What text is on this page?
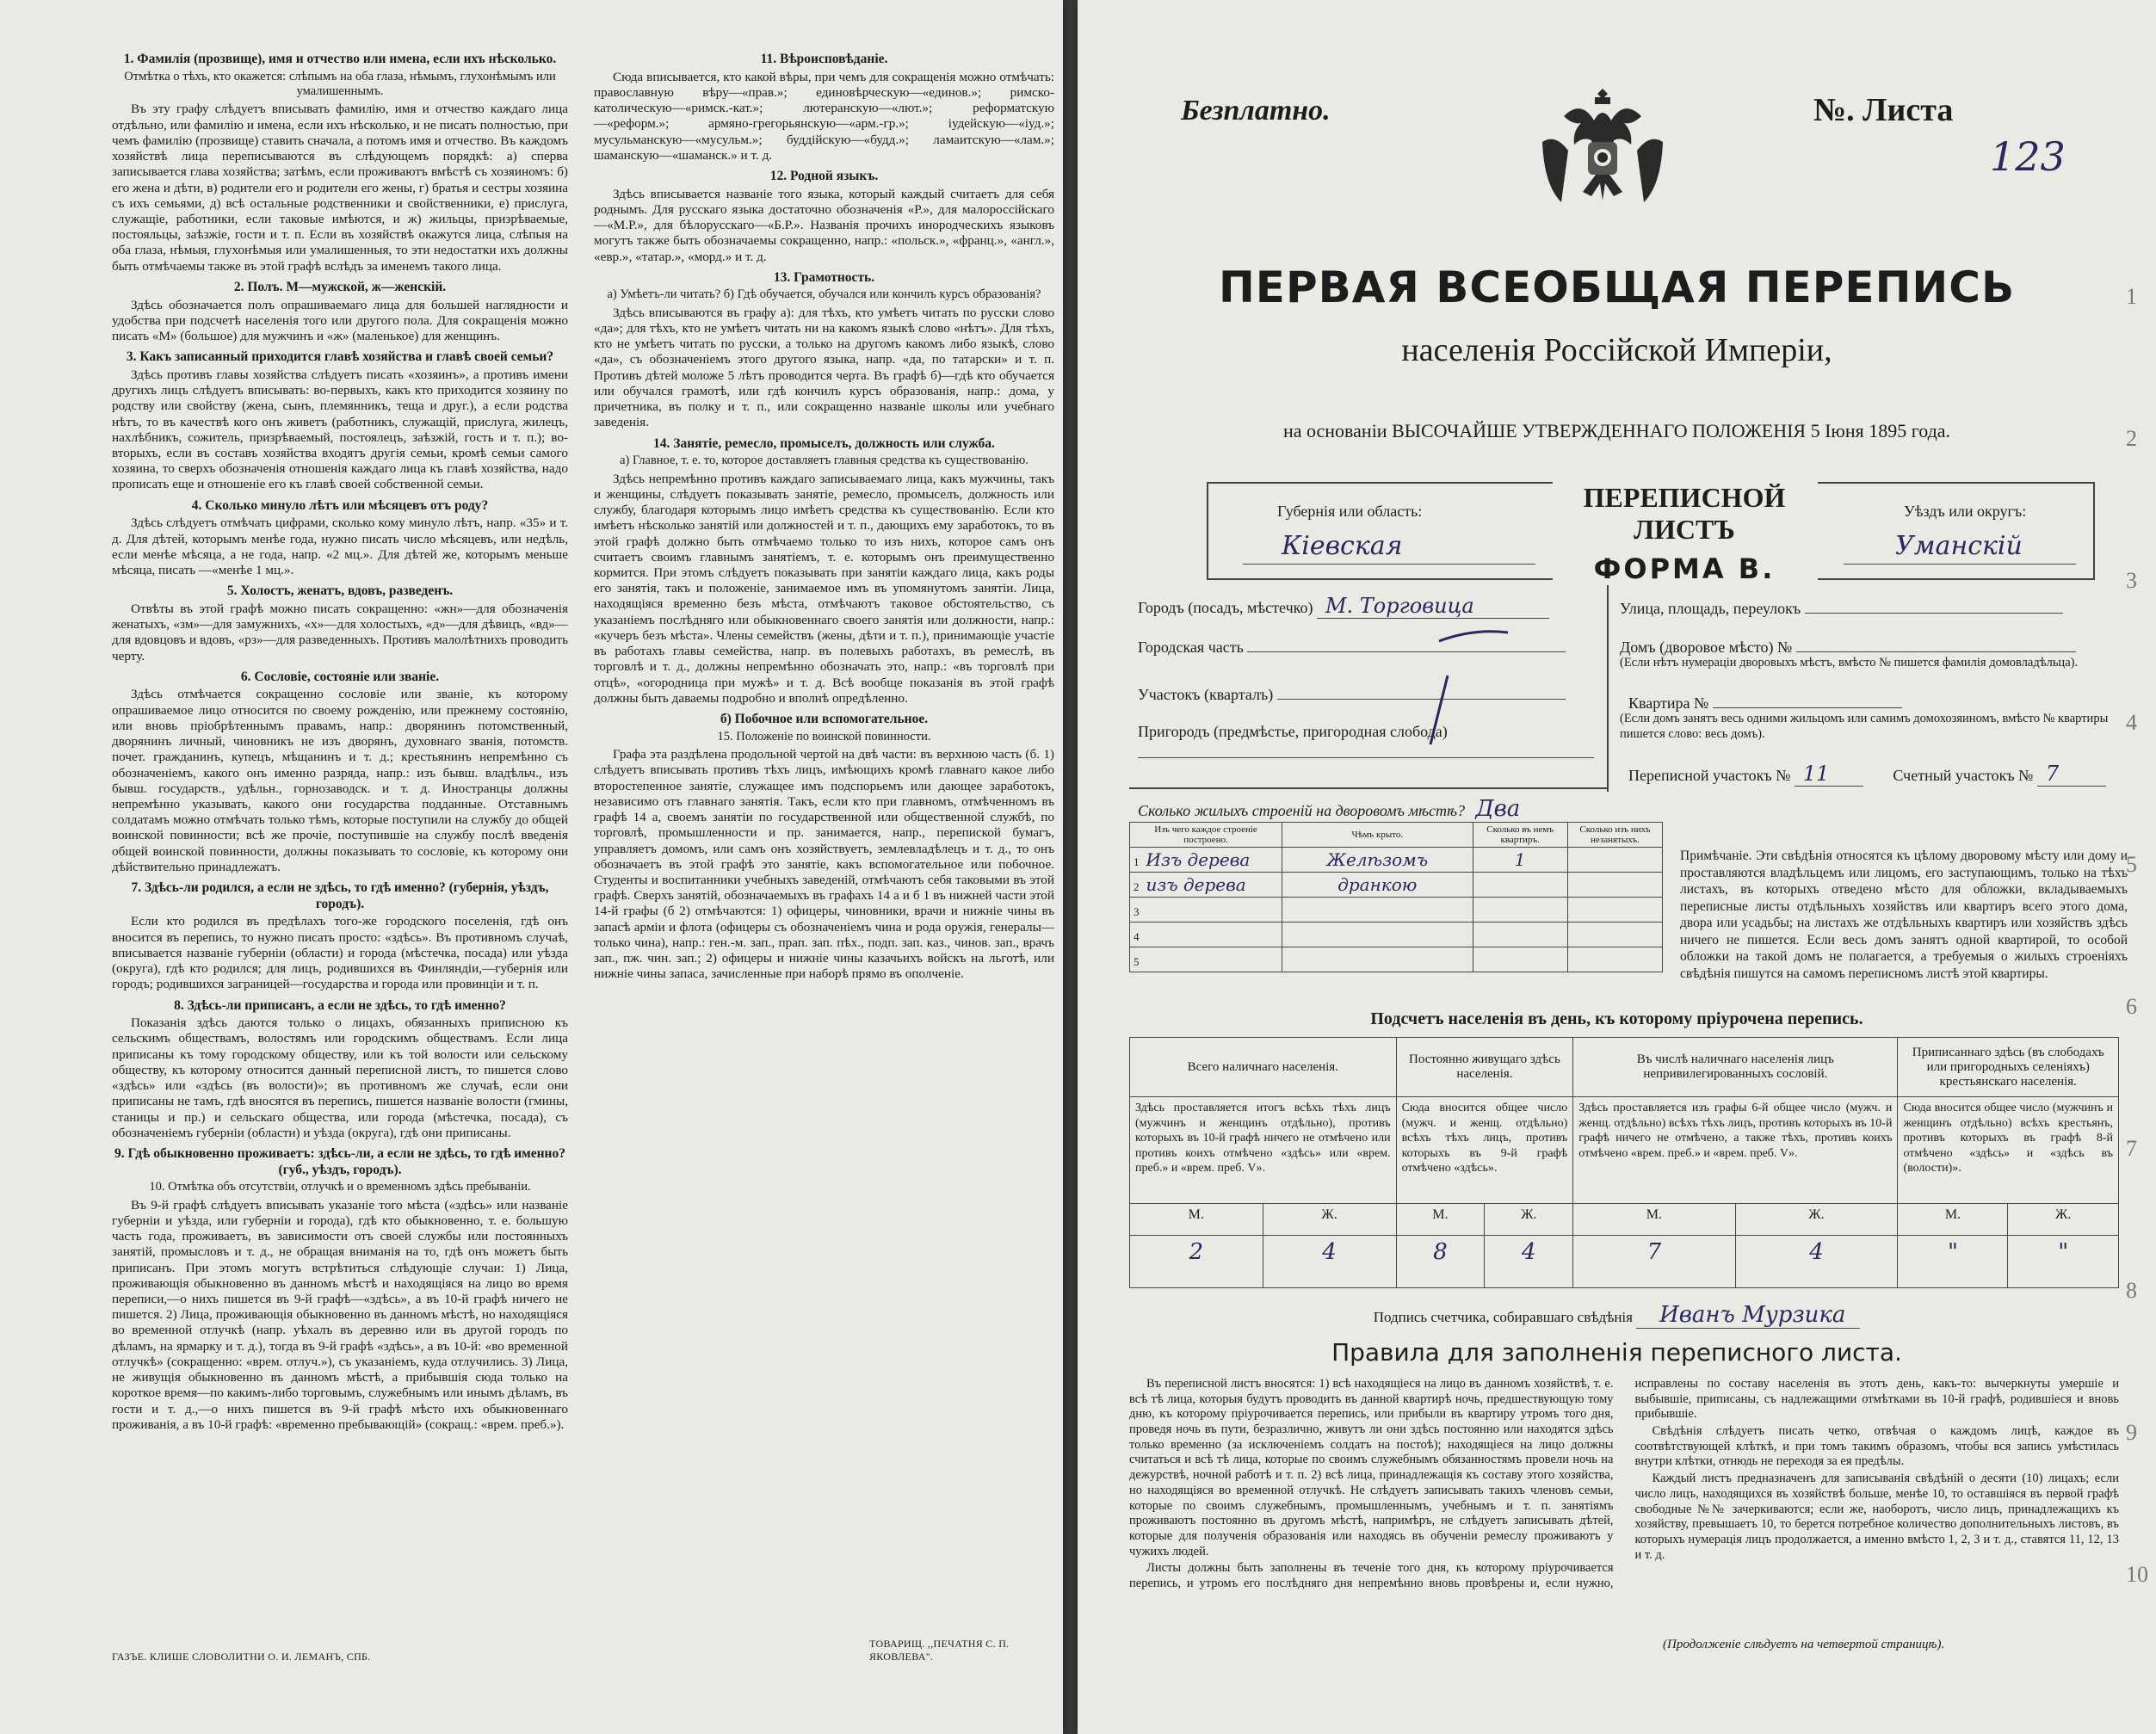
1. Фамилія (прозвище), имя и отчество или имена, если ихъ нѣсколько.
Отмѣтка о тѣхъ, кто окажется: слѣпымъ на оба глаза, нѣмымъ, глухонѣмымъ или умалишеннымъ.
Въ эту графу слѣдуетъ вписывать фамилію, имя и отчество каждаго лица отдѣльно, или фамилію и имена, если ихъ нѣсколько, и не писать полностью, при чемъ фамилію (прозвище) ставить сначала, а потомъ имя и отчество. Въ каждомъ хозяйствѣ лица переписываются въ слѣдующемъ порядкѣ: а) сперва записывается глава хозяйства; затѣмъ, если проживаютъ вмѣстѣ съ хозяиномъ: б) его жена и дѣти, в) родители его и родители его жены, г) братья и сестры хозяина съ ихъ семьями, д) всѣ остальные родственники и свойственники, е) прислуга, служащіе, работники, если таковые имѣются, и ж) жильцы, призрѣваемые, постояльцы, заѣзжіе, гости и т. п. Если въ хозяйствѣ окажутся лица, слѣпыя на оба глаза, нѣмыя, глухонѣмыя или умалишенныя, то эти недостатки ихъ должны быть отмѣчаемы также въ этой графѣ вслѣдъ за именемъ такого лица.
2. Полъ. М—мужской, ж—женскій.
Здѣсь обозначается полъ опрашиваемаго лица для большей наглядности и удобства при подсчетѣ населенія того или другого пола. Для сокращенія можно писать «М» (большое) для мужчинъ и «ж» (маленькое) для женщинъ.
3. Какъ записанный приходится главѣ хозяйства и главѣ своей семьи?
Здѣсь противъ главы хозяйства слѣдуетъ писать «хозяинъ», а противъ имени другихъ лицъ слѣдуетъ вписывать: во-первыхъ, какъ кто приходится хозяину по родству или свойству (жена, сынъ, племянникъ, теща и друг.), а если родства нѣтъ, то въ качествѣ кого онъ живетъ (работникъ, служащій, прислуга, жилецъ, нахлѣбникъ, сожитель, призрѣваемый, постоялецъ, заѣзжій, гость и т. п.); во-вторыхъ, если въ составъ хозяйства входятъ другія семьи, кромѣ семьи самого хозяина, то сверхъ обозначенія отношенія каждаго лица къ главѣ хозяйства, надо прописать еще и отношеніе его къ главѣ своей собственной семьи.
4. Сколько минуло лѣтъ или мѣсяцевъ отъ роду?
Здѣсь слѣдуетъ отмѣчать цифрами, сколько кому минуло лѣтъ, напр. «35» и т. д. Для дѣтей, которымъ менѣе года, нужно писать число мѣсяцевъ, или недѣль, если менѣе мѣсяца, а не года, напр. «2 мц.». Для дѣтей же, которымъ меньше мѣсяца, писать —«менѣе 1 мц.».
5. Холостъ, женатъ, вдовъ, разведенъ.
Отвѣты въ этой графѣ можно писать сокращенно: «жн»—для обозначенія женатыхъ, «зм»—для замужнихъ, «х»—для холостыхъ, «д»—для дѣвицъ, «вд»—для вдовцовъ и вдовъ, «рз»—для разведенныхъ. Противъ малолѣтнихъ проводить черту.
6. Сословіе, состояніе или званіе.
Здѣсь отмѣчается сокращенно сословіе или званіе, къ которому опрашиваемое лицо относится по своему рожденію, или прежнему состоянію, или вновь пріобрѣтеннымъ правамъ, напр.: дворянинъ потомственный, дворянинъ личный, чиновникъ не изъ дворянъ, духовнаго званія, потомств. почет. гражданинъ, купецъ, мѣщанинъ и т. д.; крестьянинъ непремѣнно съ обозначеніемъ, какого онъ именно разряда, напр.: изъ бывш. владѣльч., изъ бывш. государств., удѣльн., горнозаводск. и т. д. Иностранцы должны непремѣнно указывать, какого они государства подданные. Отставнымъ солдатамъ можно отмѣчать только тѣмъ, которые поступили на службу до общей воинской повинности; всѣ же прочіе, поступившіе на службу послѣ введенія общей воинской повинности, должны показывать то сословіе, къ которому они дѣйствительно принадлежатъ.
7. Здѣсь-ли родился, а если не здѣсь, то гдѣ именно? (губернія, уѣздъ, городъ).
Если кто родился въ предѣлахъ того-же городского поселенія, гдѣ онъ вносится въ перепись, то нужно писать просто: «здѣсь». Въ противномъ случаѣ, вписывается названіе губерніи (области) и города (мѣстечка, посада) или уѣзда (округа), гдѣ кто родился; для лицъ, родившихся въ Финляндіи,—губернія или городъ; родившихся заграницей—государства и города или провинціи и т. п.
8. Здѣсь-ли приписанъ, а если не здѣсь, то гдѣ именно?
Показанія здѣсь даются только о лицахъ, обязанныхъ приписною къ сельскимъ обществамъ, волостямъ или городскимъ обществамъ. Если лица приписаны къ тому городскому обществу, или къ той волости или сельскому обществу, къ которому относится данный переписной листъ, то пишется слово «здѣсь» или «здѣсь (въ волости)»; въ противномъ же случаѣ, если они приписаны не тамъ, гдѣ вносятся въ перепись, пишется названіе волости (гмины, станицы и пр.) и сельскаго общества, или города (мѣстечка, посада), съ обозначеніемъ губерніи (области) и уѣзда (округа), гдѣ они приписаны.
9. Гдѣ обыкновенно проживаетъ: здѣсь-ли, а если не здѣсь, то гдѣ именно? (губ., уѣздъ, городъ).
10. Отмѣтка объ отсутствіи, отлучкѣ и о временномъ здѣсь пребываніи.
Въ 9-й графѣ слѣдуетъ вписывать указаніе того мѣста («здѣсь» или названіе губерніи и уѣзда, или губерніи и города), гдѣ кто обыкновенно, т. е. большую часть года, проживаетъ, въ зависимости отъ своей службы или постоянныхъ занятій, промысловъ и т. д., не обращая вниманія на то, гдѣ онъ можетъ быть приписанъ. При этомъ могутъ встрѣтиться слѣдующіе случаи: 1) Лица, проживающія обыкновенно въ данномъ мѣстѣ и находящіяся на лицо во время переписи,—о нихъ пишется въ 9-й графѣ—«здѣсь», а въ 10-й графѣ ничего не пишется. 2) Лица, проживающія обыкновенно въ данномъ мѣстѣ, но находящіяся во временной отлучкѣ (напр. уѣхалъ въ деревню или въ другой городъ по дѣламъ, на ярмарку и т. д.), тогда въ 9-й графѣ «здѣсь», а въ 10-й: «во временной отлучкѣ» (сокращенно: «врем. отлуч.»), съ указаніемъ, куда отлучились. 3) Лица, не живущія обыкновенно въ данномъ мѣстѣ, а прибывшія сюда только на короткое время—по какимъ-либо торговымъ, служебнымъ или инымъ дѣламъ, въ гости и т. д.,—о нихъ пишется въ 9-й графѣ мѣсто ихъ обыкновеннаго проживанія, а въ 10-й графѣ: «временно пребывающій» (сокращ.: «врем. преб.»).
11. Вѣроисповѣданіе.
Сюда вписывается, кто какой вѣры, при чемъ для сокращенія можно отмѣчать: православную вѣру—«прав.»; единовѣрческую—«единов.»; римско-католическую—«римск.-кат.»; лютеранскую—«лют.»; реформатскую—«реформ.»; армяно-грегорьянскую—«арм.-гр.»; іудейскую—«іуд.»; мусульманскую—«мусульм.»; буддійскую—«будд.»; ламаитскую—«лам.»; шаманскую—«шаманск.» и т. д.
12. Родной языкъ.
Здѣсь вписывается названіе того языка, который каждый считаетъ для себя роднымъ. Для русскаго языка достаточно обозначенія «Р.», для малороссійскаго—«М.Р.», для бѣлорусскаго—«Б.Р.». Названія прочихъ инородческихъ языковъ могутъ также быть обозначаемы сокращенно, напр.: «польск.», «франц.», «англ.», «евр.», «татар.», «морд.» и т. д.
13. Грамотность.
а) Умѣетъ-ли читать? б) Гдѣ обучается, обучался или кончилъ курсъ образованія?
Здѣсь вписываются въ графу а): для тѣхъ, кто умѣетъ читать по русски слово «да»; для тѣхъ, кто не умѣетъ читать ни на какомъ языкѣ слово «нѣтъ». Для тѣхъ, кто не умѣетъ читать по русски, а только на другомъ какомъ либо языкѣ, слово «да», съ обозначеніемъ этого другого языка, напр. «да, по татарски» и т. п. Противъ дѣтей моложе 5 лѣтъ проводится черта. Въ графѣ б)—гдѣ кто обучается или обучался грамотѣ, или гдѣ кончилъ курсъ образованія, напр.: дома, у причетника, въ полку и т. п., или сокращенно названіе школы или учебнаго заведенія.
14. Занятіе, ремесло, промыселъ, должность или служба.
а) Главное, т. е. то, которое доставляетъ главныя средства къ существованію.
Здѣсь непремѣнно противъ каждаго записываемаго лица, какъ мужчины, такъ и женщины, слѣдуетъ показывать занятіе, ремесло, промыселъ, должность или службу, благодаря которымъ лицо имѣетъ средства къ существованію. Если кто имѣетъ нѣсколько занятій или должностей и т. п., дающихъ ему заработокъ, то въ этой графѣ должно быть отмѣчаемо только то изъ нихъ, которое самъ онъ считаетъ своимъ главнымъ занятіемъ, т. е. которымъ онъ преимущественно кормится. При этомъ слѣдуетъ показывать при занятіи каждаго лица, какъ роды его занятія, такъ и положеніе, занимаемое имъ въ упомянутомъ занятіи. Лица, находящіяся временно безъ мѣста, отмѣчаютъ таковое обстоятельство, съ указаніемъ послѣдняго или обыкновеннаго своего занятія или должности, напр.: «кучеръ безъ мѣста». Члены семействъ (жены, дѣти и т. п.), принимающіе участіе въ работахъ главы семейства, напр. въ полевыхъ работахъ, въ ремеслѣ, въ торговлѣ и т. д., должны непремѣнно обозначать это, напр.: «въ торговлѣ при отцѣ», «огородница при мужѣ» и т. д. Всѣ вообще показанія въ этой графѣ должны быть даваемы подробно и вполнѣ опредѣленно.
б) Побочное или вспомогательное.
15. Положеніе по воинской повинности.
Графа эта раздѣлена продольной чертой на двѣ части: въ верхнюю часть (б. 1) слѣдуетъ вписывать противъ тѣхъ лицъ, имѣющихъ кромѣ главнаго какое либо второстепенное занятіе, служащее имъ подспорьемъ или дающее заработокъ, независимо отъ главнаго занятія. Такъ, если кто при главномъ, отмѣченномъ въ графѣ 14 а, своемъ занятіи по государственной или общественной службѣ, по торговлѣ, промышленности и пр. занимается, напр., перепиской бумагъ, управляетъ домомъ, или самъ онъ хозяйствуетъ, землевладѣлецъ и т. д., то онъ обозначаетъ въ этой графѣ это занятіе, какъ вспомогательное или побочное. Студенты и воспитанники учебныхъ заведеній, отмѣчаютъ себя таковыми въ этой графѣ. Сверхъ занятій, обозначаемыхъ въ графахъ 14 а и б 1 въ нижней части этой 14-й графы (б 2) отмѣчаются: 1) офицеры, чиновники, врачи и нижніе чины въ запасѣ арміи и флота (офицеры съ обозначеніемъ чина и рода оружія, генералы—только чина), напр.: ген.-м. зап., прап. зап. пѣх., подп. зап. каз., чинов. зап., врачъ зап., пж. чин. зап.; 2) офицеры и нижніе чины казачьихъ войскъ на льготѣ, или нижніе чины запаса, зачисленные при наборѣ прямо въ ополченіе.
ГАЗЪЕ. КЛИШЕ СЛОВОЛИТНИ О. И. ЛЕМАНЪ, СПБ.
ТОВАРИЩ. ,,ПЕЧАТНЯ С. П. ЯКОВЛЕВА".
Безплатно.	№. Листа
123
ПЕРВАЯ ВСЕОБЩАЯ ПЕРЕПИСЬ
населенія Россійской Имперіи,
на основаніи ВЫСОЧАЙШЕ УТВЕРЖДЕННАГО ПОЛОЖЕНІЯ 5 Іюня 1895 года.
Губернія или область:
Кіевская
ПЕРЕПИСНОЙ ЛИСТЪ
ФОРМА В.
Уѣздъ или округъ:
Уманскій
Городъ (посадъ, мѣстечко) М. Торговица
Городская часть
Участокъ (кварталъ)
Пригородъ (предмѣстье, пригородная слобода)
Улица, площадь, переулокъ
Домъ (дворовое мѣсто) №
(Если нѣтъ нумераціи дворовыхъ мѣстъ, вмѣсто № пишется фамилія домовладѣльца).
Квартира №
(Если домъ занятъ весь одними жильцомъ или самимъ домохозяиномъ, вмѣсто № квартиры пишется слово: весь домъ).
Переписной участокъ № 11	Счетный участокъ № 7
Сколько жилыхъ строеній на дворовомъ мѣстѣ? Два
Изъ чего каждое строеніе построено.	Чѣмъ крыто.	Сколько въ немъ квартиръ.	Сколько изъ нихъ незанятыхъ.
1 Изъ дерева	Желѣзомъ	1	
2 изъ дерева	дранкою		
3			
4			
5			
Примѣчаніе. Эти свѣдѣнія относятся къ цѣлому дворовому мѣсту или дому и проставляются владѣльцемъ или лицомъ, его заступающимъ, только на тѣхъ листахъ, въ которыхъ отведено мѣсто для обложки, вкладываемыхъ переписные листы отдѣльныхъ хозяйствъ или квартиръ всего этого дома, двора или усадьбы; на листахъ же отдѣльныхъ квартиръ или хозяйствъ здѣсь ничего не пишется. Если весь домъ занятъ одной квартирой, то особой обложки на такой домъ не полагается, а требуемыя о жилыхъ строеніяхъ свѣдѣнія пишутся на самомъ переписномъ листѣ этой квартиры.
Подсчетъ населенія въ день, къ которому пріурочена перепись.
Всего наличнаго населенія.		Постоянно живущаго здѣсь населенія.		Въ числѣ наличнаго населенія лицъ непривилегированныхъ сословій.		Приписаннаго здѣсь (въ слободахъ или пригородныхъ селеніяхъ) крестьянскаго населенія.	
Здѣсь проставляется итогъ всѣхъ тѣхъ лицъ (мужчинъ и женщинъ отдѣльно), противъ которыхъ въ 10-й графѣ ничего не отмѣчено или противъ коихъ отмѣчено «здѣсь» или «врем. преб.» и «врем. преб. V».		Сюда вносится общее число (мужч. и женщ. отдѣльно) всѣхъ тѣхъ лицъ, противъ которыхъ въ 9-й графѣ отмѣчено «здѣсь».		Здѣсь проставляется изъ графы 6-й общее число (мужч. и женщ. отдѣльно) всѣхъ тѣхъ лицъ, противъ которыхъ въ 10-й графѣ ничего не отмѣчено, а также тѣхъ, противъ коихъ отмѣчено «врем. преб.» и «врем. преб. V».		Сюда вносится общее число (мужчинъ и женщинъ отдѣльно) всѣхъ крестьянъ, противъ которыхъ въ графѣ 8-й отмѣчено «здѣсь» и «здѣсь въ (волости)».	
М.	Ж.	М.	Ж.	М.	Ж.	М.	Ж.
2	4	8	4	7	4	"	"
Подпись счетчика, собиравшаго свѣдѣнія Иванъ Мурзика
Правила для заполненія переписного листа.

Въ переписной листъ вносятся: 1) всѣ находящіеся на лицо въ данномъ хозяйствѣ, т. е. всѣ тѣ лица, которыя будутъ проводить въ данной квартирѣ ночь, предшествующую тому дню, къ которому пріурочивается перепись, или прибыли въ квартиру утромъ того дня, проведя ночь въ пути, безразлично, живутъ ли они здѣсь постоянно или находятся здѣсь только временно (за исключеніемъ солдатъ на постоѣ); находящіеся на лицо должны считаться и всѣ тѣ лица, которые по своимъ служебнымъ обязанностямъ провели ночь на дежурствѣ, ночной работѣ и т. п. 2) всѣ лица, принадлежащія къ составу этого хозяйства, но находящіяся во временной отлучкѣ. Не слѣдуетъ записывать такихъ членовъ семьи, которые по своимъ служебнымъ, промышленнымъ, учебнымъ и т. п. занятіямъ проживаютъ постоянно въ другомъ мѣстѣ, напримѣръ, не слѣдуетъ записывать дѣтей, которые для полученія образованія или находясь въ обученіи ремеслу проживаютъ у чужихъ людей.

Листы должны быть заполнены въ теченіе того дня, къ которому пріурочивается перепись, и утромъ его послѣдняго дня непремѣнно вновь провѣрены и, если нужно, исправлены по составу населенія въ этотъ день, какъ-то: вычеркнуты умершіе и выбывшіе, приписаны, съ надлежащими отмѣтками въ 10-й графѣ, родившіеся и вновь прибывшіе.

Свѣдѣнія слѣдуетъ писать четко, отвѣчая о каждомъ лицѣ, каждое въ соотвѣтствующей клѣткѣ, и при томъ такимъ образомъ, чтобы вся запись умѣстилась внутри клѣтки, отнюдь не переходя за ея предѣлы.

Каждый листъ предназначенъ для записыванія свѣдѣній о десяти (10) лицахъ; если число лицъ, находящихся въ хозяйствѣ больше, менѣе 10, то оставшіяся въ первой графѣ свободные №№ зачеркиваются; если же, наоборотъ, число лицъ, принадлежащихъ къ хозяйству, превышаетъ 10, то берется потребное количество дополнительныхъ листовъ, въ которыхъ нумерація лицъ продолжается, а именно вмѣсто 1, 2, 3 и т. д., ставятся 11, 12, 13 и т. д.

(Продолженіе слѣдуетъ на четвертой страницѣ).
1
2
3
4
5
6
7
8
9
10
